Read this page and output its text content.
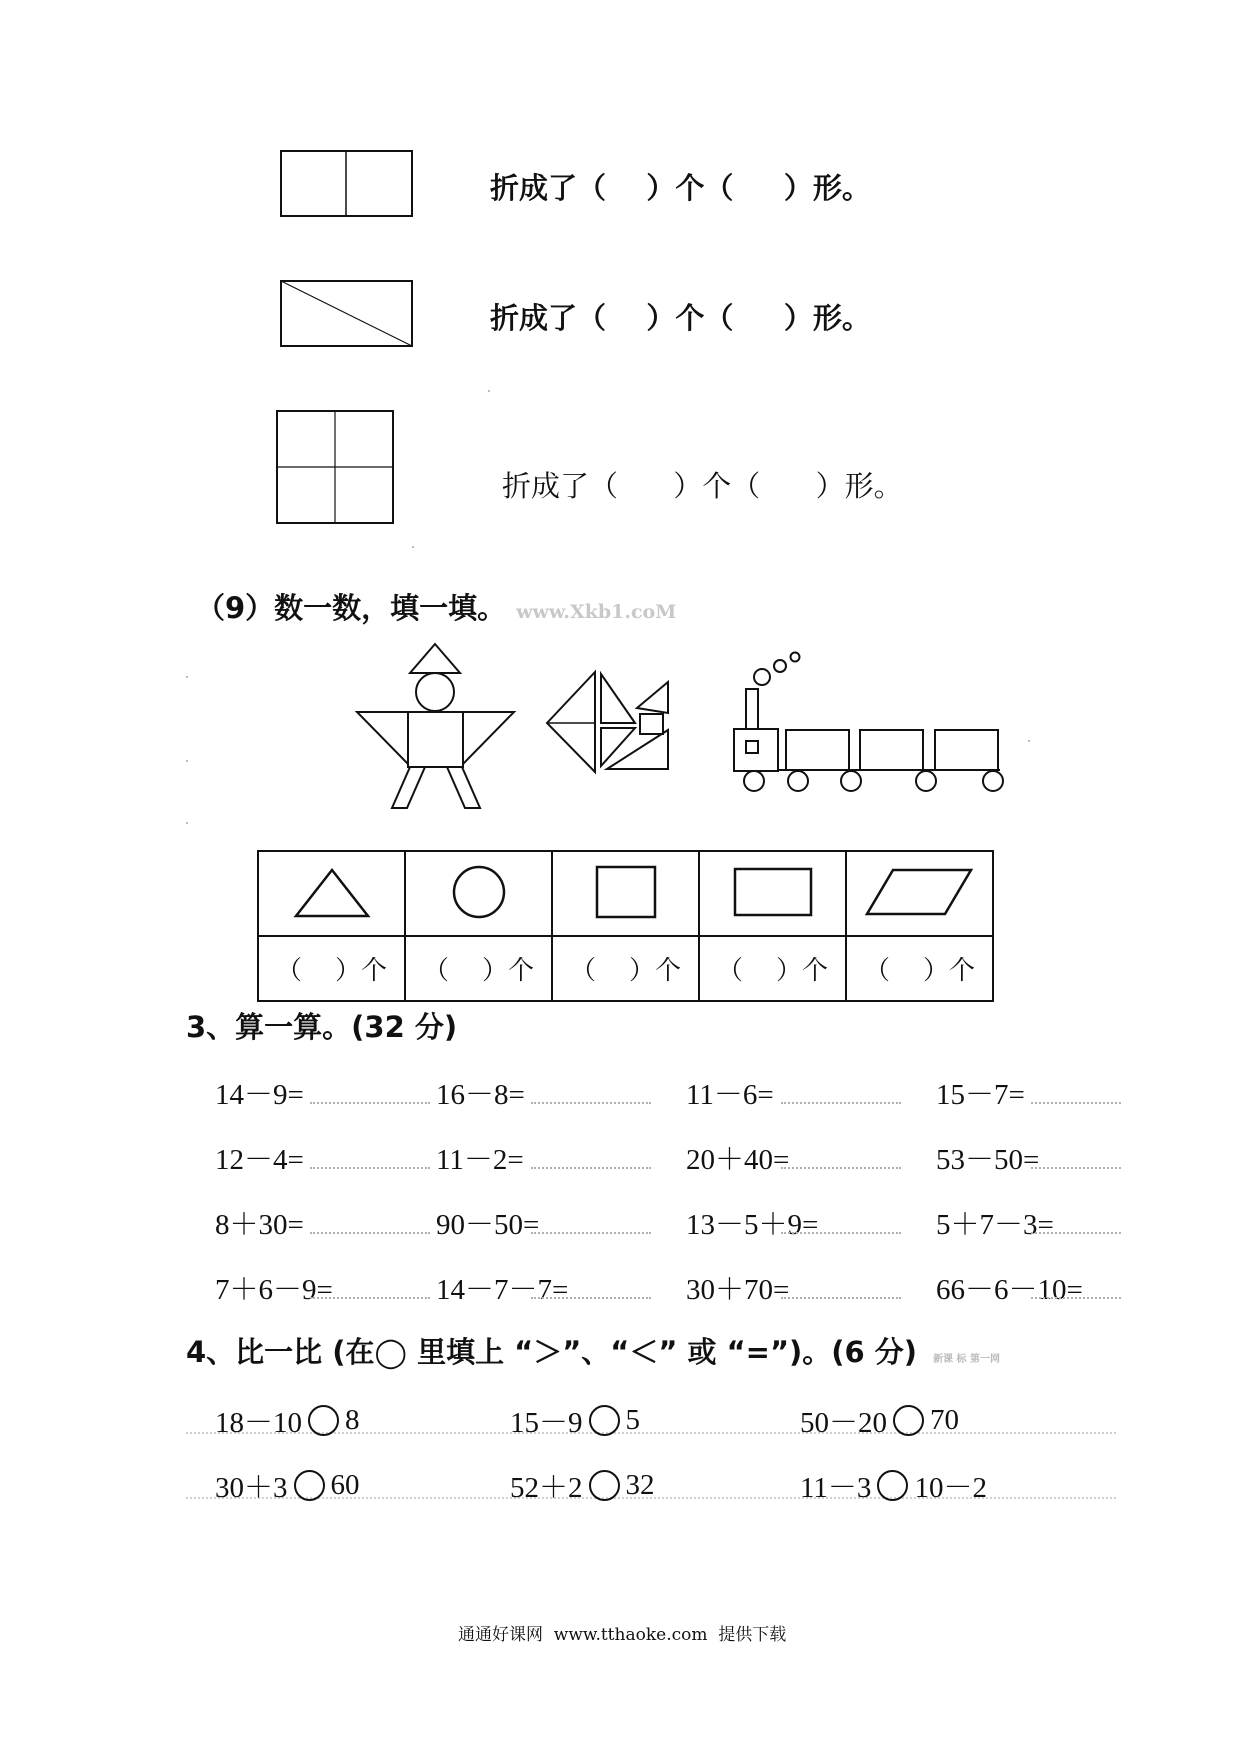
折成了（    ）个（     ）形。
折成了（    ）个（     ）形。
折成了（      ）个（      ）形。
（9）数一数，填一填。 www.Xkb1.coM

（    ）个	（    ）个	（    ）个	（    ）个	（    ）个
3、算一算。(32 分)
14－9=	16－8=	11－6=	15－7=
12－4=	11－2=	20＋40=	53－50=
8＋30=	90－50=	13－5＋9=	5＋7－3=
7＋6－9=	14－7－7=	30＋70=	66－6－10=
4、比一比 (在◯ 里填上 “＞”、“＜” 或 “=”)。(6 分) 新课 标 第一网
18－10 8	15－9 5	50－20 70
30＋3 60	52＋2 32	11－3 10－2
通通好课网  www.tthaoke.com  提供下载
